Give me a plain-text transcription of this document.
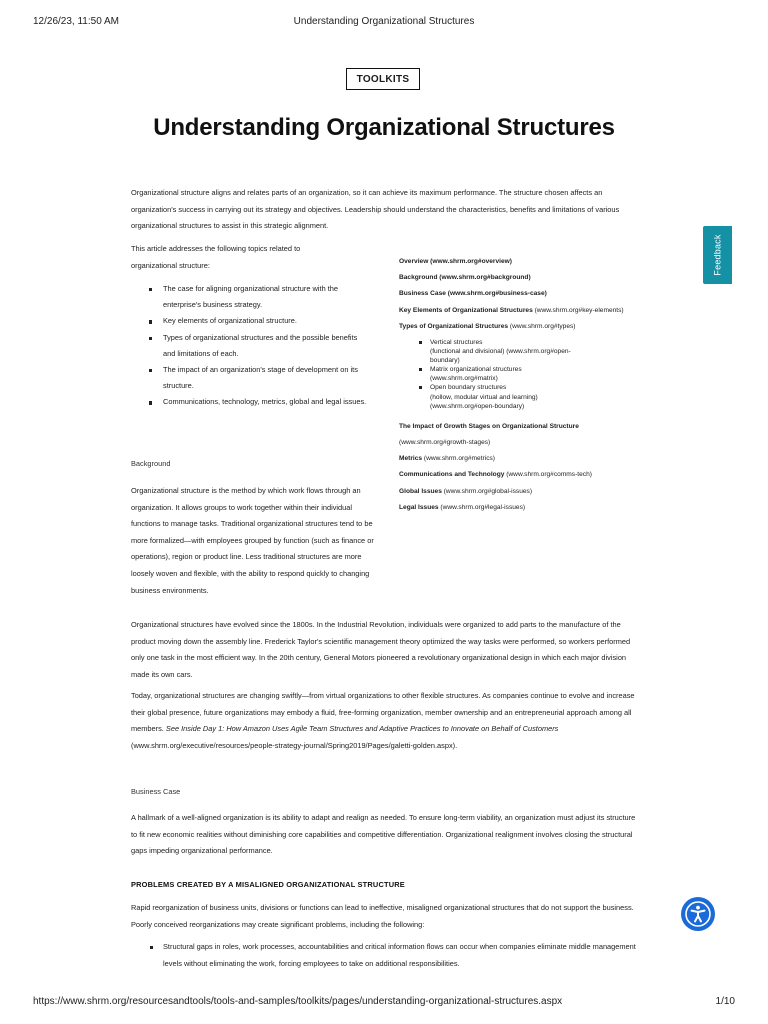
12/26/23, 11:50 AM	Understanding Organizational Structures
TOOLKITS
Understanding Organizational Structures

Organizational structure aligns and relates parts of an organization, so it can achieve its maximum performance. The structure chosen affects an organization's success in carrying out its strategy and objectives. Leadership should understand the characteristics, benefits and limitations of various organizational structures to assist in this strategic alignment.

This article addresses the following topics related to organizational structure:

The case for aligning organizational structure with the enterprise's business strategy.
Key elements of organizational structure.
Types of organizational structures and the possible benefits and limitations of each.
The impact of an organization's stage of development on its structure.
Communications, technology, metrics, global and legal issues.
Overview (www.shrm.org#overview)
Background (www.shrm.org#background)
Business Case (www.shrm.org#business-case)
Key Elements of Organizational Structures (www.shrm.org#key-elements)
Types of Organizational Structures (www.shrm.org#types)
Vertical structures
(functional and divisional) (www.shrm.org#open-
boundary)
Matrix organizational structures
(www.shrm.org#matrix)
Open boundary structures
(hollow, modular virtual and learning)
(www.shrm.org#open-boundary)
The Impact of Growth Stages on Organizational Structure
(www.shrm.org#growth-stages)
Metrics (www.shrm.org#metrics)
Communications and Technology (www.shrm.org#comms-tech)
Global Issues (www.shrm.org#global-issues)
Legal Issues (www.shrm.org#legal-issues)
Background

Organizational structure is the method by which work flows through an organization. It allows groups to work together within their individual functions to manage tasks. Traditional organizational structures tend to be more formalized—with employees grouped by function (such as finance or operations), region or product line. Less traditional structures are more loosely woven and flexible, with the ability to respond quickly to changing business environments.

Organizational structures have evolved since the 1800s. In the Industrial Revolution, individuals were organized to add parts to the manufacture of the product moving down the assembly line. Frederick Taylor's scientific management theory optimized the way tasks were performed, so workers performed only one task in the most efficient way. In the 20th century, General Motors pioneered a revolutionary organizational design in which each major division made its own cars.

Today, organizational structures are changing swiftly—from virtual organizations to other flexible structures. As companies continue to evolve and increase their global presence, future organizations may embody a fluid, free-forming organization, member ownership and an entrepreneurial approach among all members. See Inside Day 1: How Amazon Uses Agile Team Structures and Adaptive Practices to Innovate on Behalf of Customers (www.shrm.org/executive/resources/people-strategy-journal/Spring2019/Pages/galetti-golden.aspx).

Business Case

A hallmark of a well-aligned organization is its ability to adapt and realign as needed. To ensure long-term viability, an organization must adjust its structure to fit new economic realities without diminishing core capabilities and competitive differentiation. Organizational realignment involves closing the structural gaps impeding organizational performance.

PROBLEMS CREATED BY A MISALIGNED ORGANIZATIONAL STRUCTURE

Rapid reorganization of business units, divisions or functions can lead to ineffective, misaligned organizational structures that do not support the business. Poorly conceived reorganizations may create significant problems, including the following:

Structural gaps in roles, work processes, accountabilities and critical information flows can occur when companies eliminate middle management levels without eliminating the work, forcing employees to take on additional responsibilities.
Feedback
https://www.shrm.org/resourcesandtools/tools-and-samples/toolkits/pages/understanding-organizational-structures.aspx	1/10
